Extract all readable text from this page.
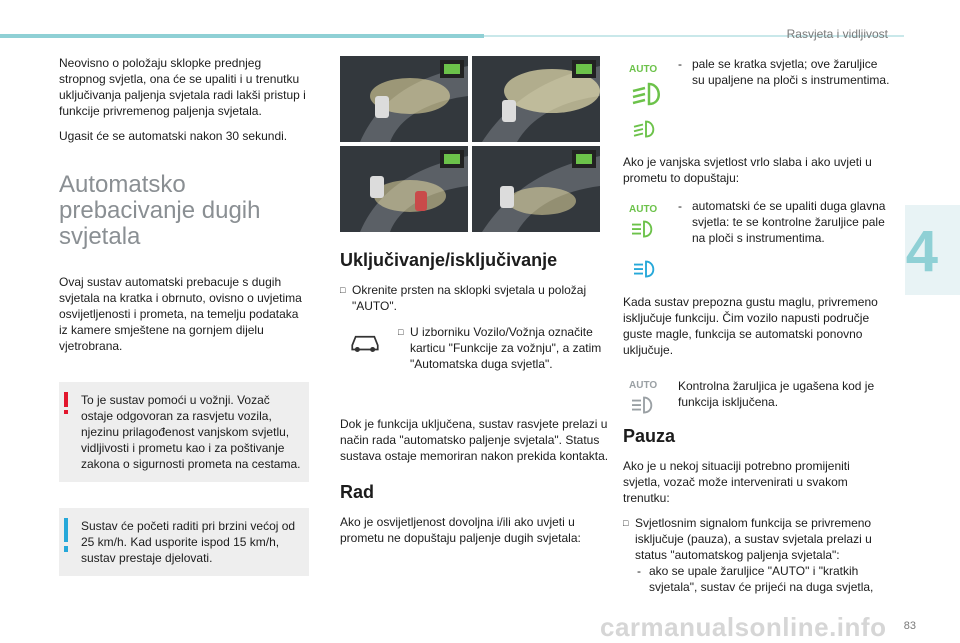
Rasvjeta i vidljivost
4

Neovisno o položaju sklopke prednjeg stropnog svjetla, ona će se upaliti i u trenutku uključivanja paljenja svjetala radi lakši pristup i funkcije privremenog paljenja svjetala.

Ugasit će se automatski nakon 30 sekundi.

Automatsko prebacivanje dugih svjetala

Ovaj sustav automatski prebacuje s dugih svjetala na kratka i obrnuto, ovisno o uvjetima osvijetljenosti i prometa, na temelju podataka iz kamere smještene na gornjem dijelu vjetrobrana.

To je sustav pomoći u vožnji. Vozač ostaje odgovoran za rasvjetu vozila, njezinu prilagođenost vanjskom svjetlu, vidljivosti i prometu kao i za poštivanje zakona o sigurnosti prometa na cestama.

Sustav će početi raditi pri brzini većoj od 25 km/h. Kad usporite ispod 15 km/h, sustav prestaje djelovati.

Uključivanje/isključivanje

□ Okrenite prsten na sklopki svjetala u položaj "AUTO".

□ U izborniku Vozilo/Vožnja označite karticu "Funkcije za vožnju", a zatim "Automatska duga svjetla".

Dok je funkcija uključena, sustav rasvjete prelazi u način rada "automatsko paljenje svjetala". Status sustava ostaje memoriran nakon prekida kontakta.

Rad

Ako je osvijetljenost dovoljna i/ili ako uvjeti u prometu ne dopuštaju paljenje dugih svjetala:

AUTO	- pale se kratka svjetla; ove žaruljice su upaljene na ploči s instrumentima.

Ako je vanjska svjetlost vrlo slaba i ako uvjeti u prometu to dopuštaju:

AUTO	- automatski će se upaliti duga glavna svjetla: te se kontrolne žaruljice pale na ploči s instrumentima.

Kada sustav prepozna gustu maglu, privremeno isključuje funkciju. Čim vozilo napusti područje guste magle, funkcija se automatski ponovno uključuje.

AUTO Kontrolna žaruljica je ugašena kod je funkcija isključena.

Pauza

Ako je u nekoj situaciji potrebno promijeniti svjetla, vozač može intervenirati u svakom trenutku:

□ Svjetlosnim signalom funkcija se privremeno isključuje (pauza), a sustav svjetala prelazi u status "automatskog paljenja svjetala":

- ako se upale žaruljice "AUTO" i "kratkih svjetala", sustav će prijeći na duga svjetla,

carmanualsonline.info 83
